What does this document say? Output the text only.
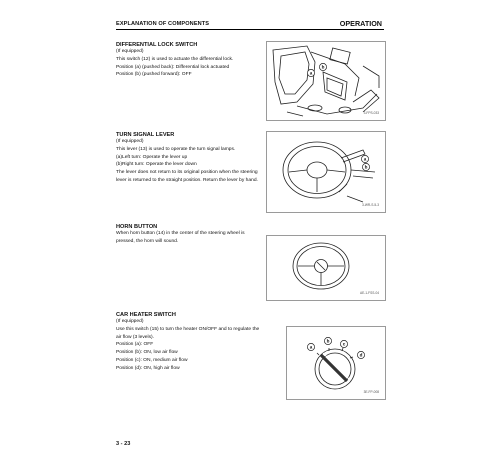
EXPLANATION OF COMPONENTS	OPERATION
DIFFERENTIAL LOCK SWITCH
(If equipped)
This switch (12) is used to actuate the differential lock.
Position (a) (pushed back): Differential lock actuated
Position (b) (pushed forward): OFF	a
b
3-FPS-033
TURN SIGNAL LEVER
(If equipped)
This lever (13) is used to operate the turn signal lamps.
(a)Left turn: Operate the lever up
(b)Right turn: Operate the lever down
The lever does not return to its original position when the steering
lever is returned to the straight position. Return the lever by hand.
a
b
3-WR-S-5-3
HORN BUTTON
When horn button (14) in the center of the steering wheel is
pressed, the horn will sound.
AE-1-FSS-04
CAR HEATER SWITCH
(If equipped)
Use this switch (15) to turn the heater ON/OFF and to regulate the
air flow (3 levels).
Position (a): OFF
Position (b): ON, low air flow
Position (c): ON, medium air flow
Position (d): ON, high air flow
a
b
c
d
3E-FP-008
3 - 23
